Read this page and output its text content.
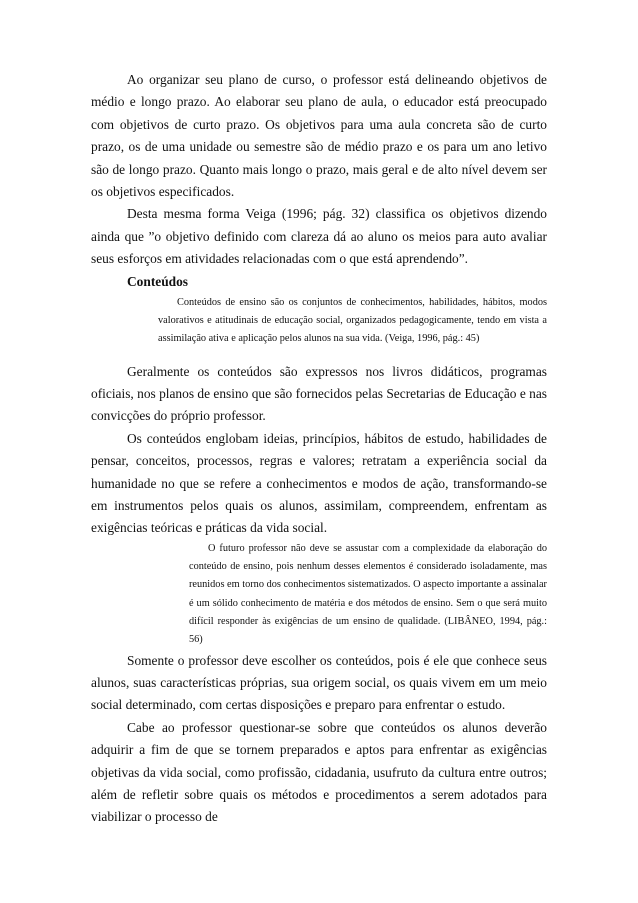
Ao organizar seu plano de curso, o professor está delineando objetivos de médio e longo prazo. Ao elaborar seu plano de aula, o educador está preocupado com objetivos de curto prazo. Os objetivos para uma aula concreta são de curto prazo, os de uma unidade ou semestre são de médio prazo e os para um ano letivo são de longo prazo. Quanto mais longo o prazo, mais geral e de alto nível devem ser os objetivos especificados.

Desta mesma forma Veiga (1996; pág. 32) classifica os objetivos dizendo ainda que ”o objetivo definido com clareza dá ao aluno os meios para auto avaliar seus esforços em atividades relacionadas com o que está aprendendo”.

Conteúdos

Conteúdos de ensino são os conjuntos de conhecimentos, habilidades, hábitos, modos valorativos e atitudinais de educação social, organizados pedagogicamente, tendo em vista a assimilação ativa e aplicação pelos alunos na sua vida. (Veiga, 1996, pág.: 45)

Geralmente os conteúdos são expressos nos livros didáticos, programas oficiais, nos planos de ensino que são fornecidos pelas Secretarias de Educação e nas convicções do próprio professor.

Os conteúdos englobam ideias, princípios, hábitos de estudo, habilidades de pensar, conceitos, processos, regras e valores; retratam a experiência social da humanidade no que se refere a conhecimentos e modos de ação, transformando-se em instrumentos pelos quais os alunos, assimilam, compreendem, enfrentam as exigências teóricas e práticas da vida social.

O futuro professor não deve se assustar com a complexidade da elaboração do conteúdo de ensino, pois nenhum desses elementos é considerado isoladamente, mas reunidos em torno dos conhecimentos sistematizados. O aspecto importante a assinalar é um sólido conhecimento de matéria e dos métodos de ensino. Sem o que será muito difícil responder às exigências de um ensino de qualidade. (LIBÂNEO, 1994, pág.: 56)

Somente o professor deve escolher os conteúdos, pois é ele que conhece seus alunos, suas características próprias, sua origem social, os quais vivem em um meio social determinado, com certas disposições e preparo para enfrentar o estudo.

Cabe ao professor questionar-se sobre que conteúdos os alunos deverão adquirir a fim de que se tornem preparados e aptos para enfrentar as exigências objetivas da vida social, como profissão, cidadania, usufruto da cultura entre outros; além de refletir sobre quais os métodos e procedimentos a serem adotados para viabilizar o processo de
